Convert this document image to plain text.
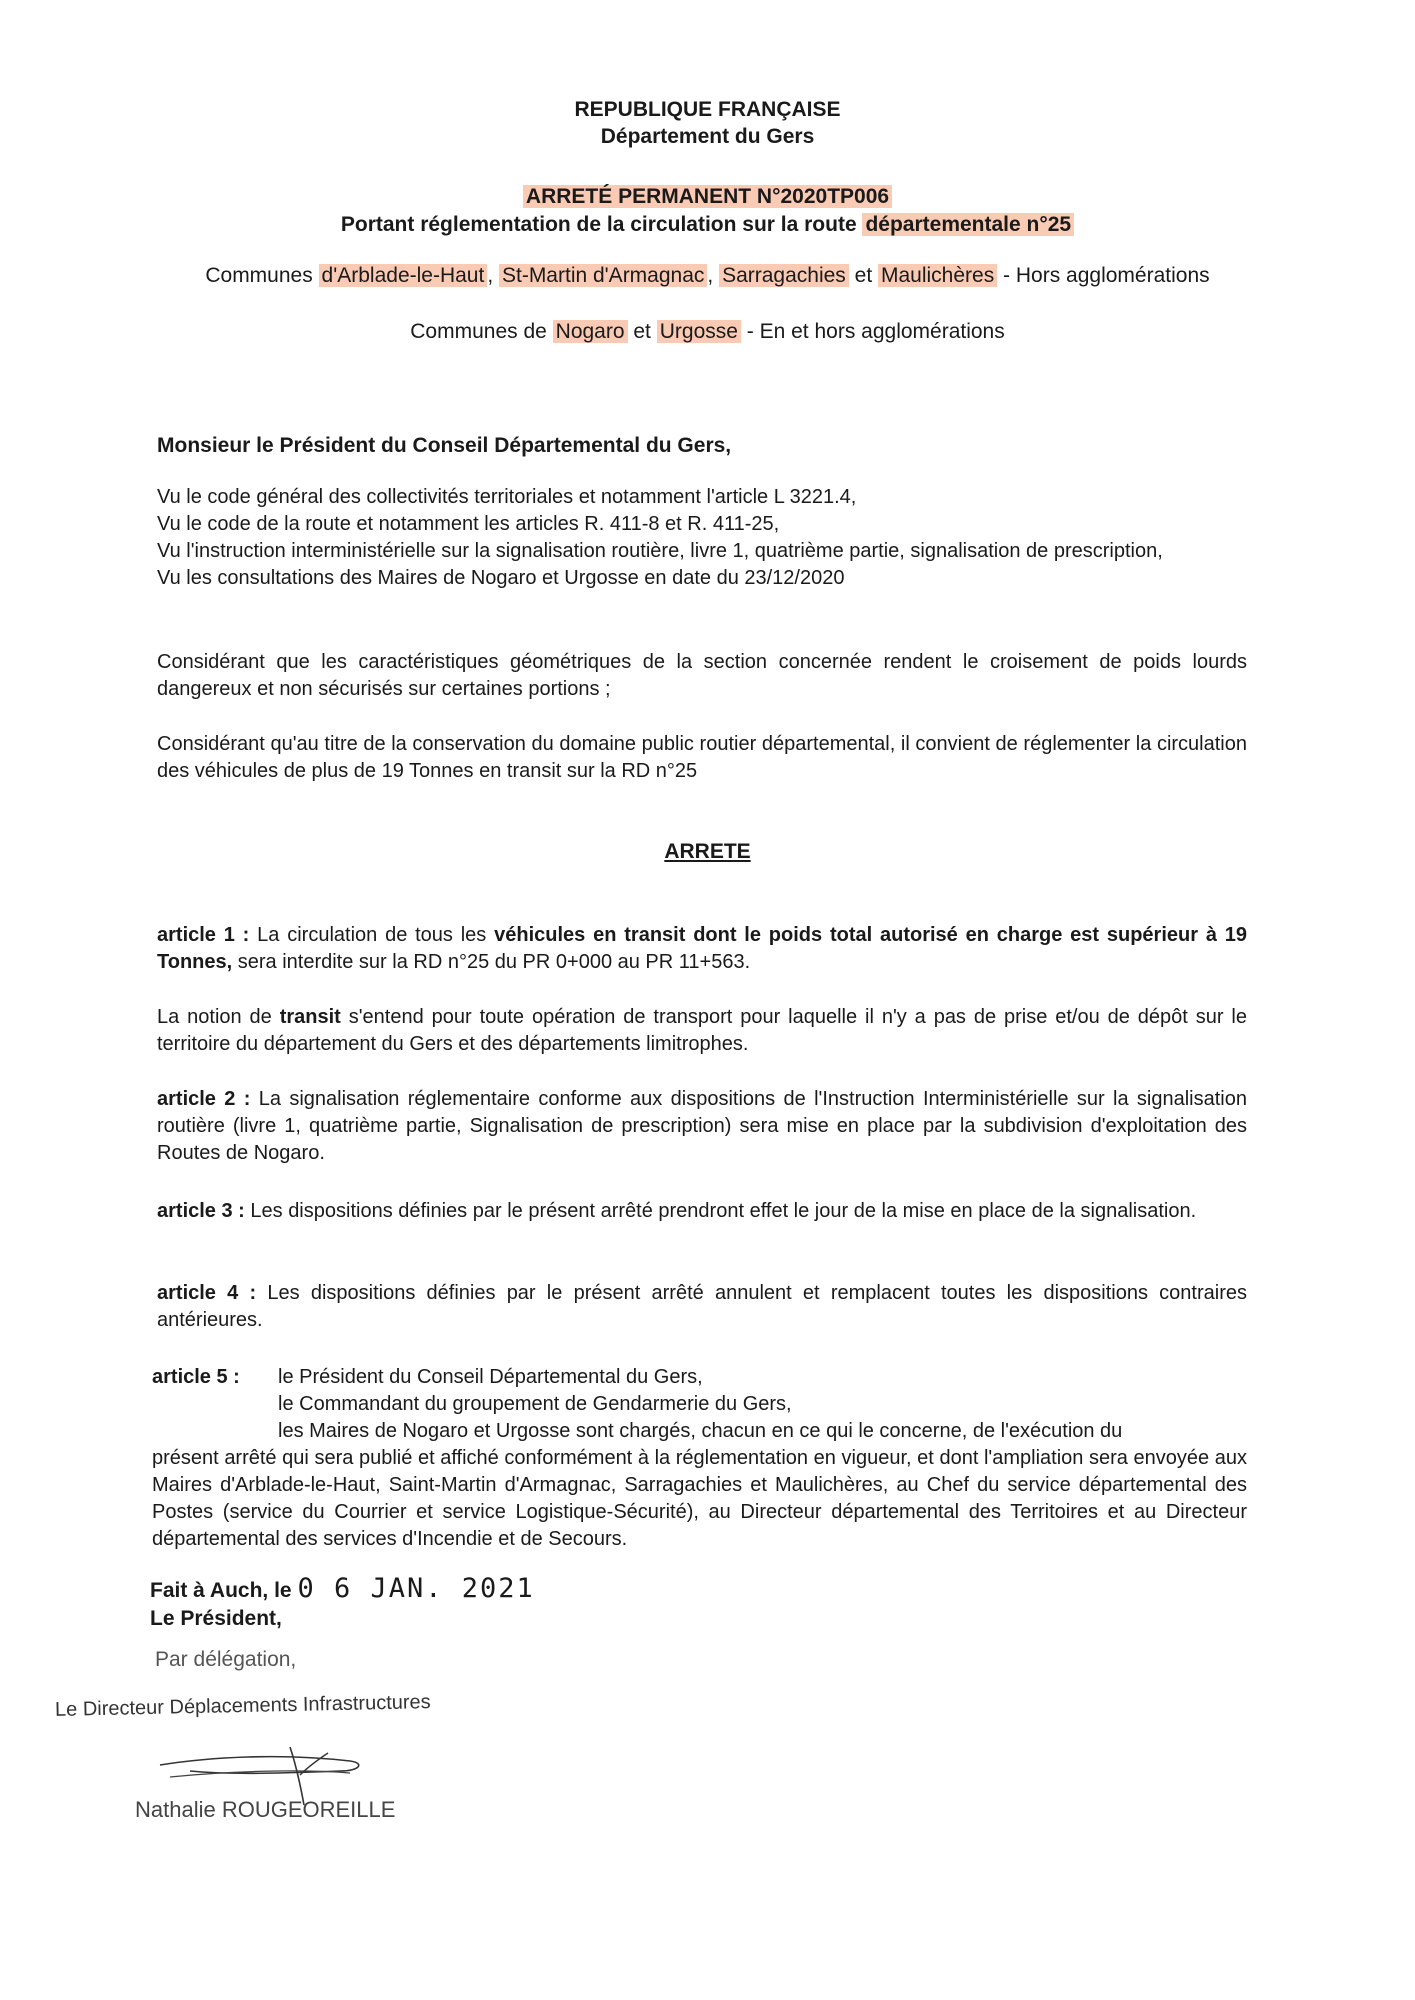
REPUBLIQUE FRANÇAISE
Département du Gers
ARRETÉ PERMANENT N°2020TP006
Portant réglementation de la circulation sur la route départementale n°25
Communes d'Arblade-le-Haut , St-Martin d'Armagnac , Sarragachies et Maulichères - Hors agglomérations
Communes de Nogaro et Urgosse - En et hors agglomérations
Monsieur le Président du Conseil Départemental du Gers,

Vu le code général des collectivités territoriales et notamment l'article L 3221.4,

Vu le code de la route et notamment les articles R. 411-8 et R. 411-25,

Vu l'instruction interministérielle sur la signalisation routière, livre 1, quatrième partie, signalisation de prescription,

Vu les consultations des Maires de Nogaro et Urgosse en date du 23/12/2020

Considérant que les caractéristiques géométriques de la section concernée rendent le croisement de poids lourds dangereux et non sécurisés sur certaines portions ;
Considérant qu'au titre de la conservation du domaine public routier départemental, il convient de réglementer la circulation des véhicules de plus de 19 Tonnes en transit sur la RD n°25
ARRETE
article 1 : La circulation de tous les véhicules en transit dont le poids total autorisé en charge est supérieur à 19 Tonnes, sera interdite sur la RD n°25 du PR 0+000 au PR 11+563.
La notion de transit s'entend pour toute opération de transport pour laquelle il n'y a pas de prise et/ou de dépôt sur le territoire du département du Gers et des départements limitrophes.
article 2 : La signalisation réglementaire conforme aux dispositions de l'Instruction Interministérielle sur la signalisation routière (livre 1, quatrième partie, Signalisation de prescription) sera mise en place par la subdivision d'exploitation des Routes de Nogaro.
article 3 : Les dispositions définies par le présent arrêté prendront effet le jour de la mise en place de la signalisation.
article 4 : Les dispositions définies par le présent arrêté annulent et remplacent toutes les dispositions contraires antérieures.

article 5 : le Président du Conseil Départemental du Gers,

le Commandant du groupement de Gendarmerie du Gers,

les Maires de Nogaro et Urgosse sont chargés, chacun en ce qui le concerne, de l'exécution du

présent arrêté qui sera publié et affiché conformément à la réglementation en vigueur, et dont l'ampliation sera envoyée aux Maires d'Arblade-le-Haut, Saint-Martin d'Armagnac, Sarragachies et Maulichères, au Chef du service départemental des Postes (service du Courrier et service Logistique-Sécurité), au Directeur départemental des Territoires et au Directeur départemental des services d'Incendie et de Secours.

Fait à Auch, le 0 6 JAN. 2021
Le Président,
Par délégation,
Le Directeur Déplacements Infrastructures
Nathalie ROUGEOREILLE
